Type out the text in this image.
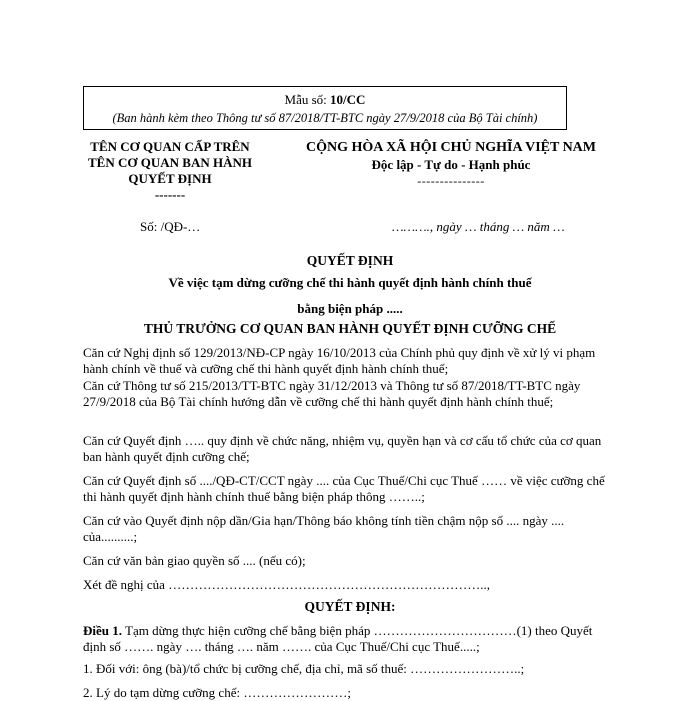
Mẫu số: 10/CC
(Ban hành kèm theo Thông tư số 87/2018/TT-BTC ngày 27/9/2018 của Bộ Tài chính)
TÊN CƠ QUAN CẤP TRÊN
TÊN CƠ QUAN BAN HÀNH
QUYẾT ĐỊNH
-------
CỘNG HÒA XÃ HỘI CHỦ NGHĨA VIỆT NAM
Độc lập - Tự do - Hạnh phúc
---------------
Số: /QĐ-…	………., ngày … tháng … năm …
QUYẾT ĐỊNH
Về việc tạm dừng cưỡng chế thi hành quyết định hành chính thuế
bằng biện pháp .....
THỦ TRƯỞNG CƠ QUAN BAN HÀNH QUYẾT ĐỊNH CƯỠNG CHẾ
Căn cứ Nghị định số 129/2013/NĐ-CP ngày 16/10/2013 của Chính phủ quy định về xử lý vi phạm hành chính về thuế và cưỡng chế thi hành quyết định hành chính thuế;
Căn cứ Thông tư số 215/2013/TT-BTC ngày 31/12/2013 và Thông tư số 87/2018/TT-BTC ngày 27/9/2018 của Bộ Tài chính hướng dẫn về cưỡng chế thi hành quyết định hành chính thuế;
Căn cứ Quyết định ….. quy định về chức năng, nhiệm vụ, quyền hạn và cơ cấu tổ chức của cơ quan ban hành quyết định cưỡng chế;
Căn cứ Quyết định số ..../QĐ-CT/CCT ngày .... của Cục Thuế/Chi cục Thuế …… về việc cưỡng chế thi hành quyết định hành chính thuế bằng biện pháp thông ……..;
Căn cứ vào Quyết định nộp dần/Gia hạn/Thông báo không tính tiền chậm nộp số .... ngày .... của..........;
Căn cứ văn bản giao quyền số .... (nếu có);
Xét đề nghị của ………………………………………………………………..,
QUYẾT ĐỊNH:
Điều 1. Tạm dừng thực hiện cưỡng chế bằng biện pháp ……………………………(1) theo Quyết định số ……. ngày …. tháng …. năm ……. của Cục Thuế/Chi cục Thuế.....;
1. Đối với: ông (bà)/tổ chức bị cưỡng chế, địa chỉ, mã số thuế: ……………………..;
2. Lý do tạm dừng cưỡng chế: ……………………;
